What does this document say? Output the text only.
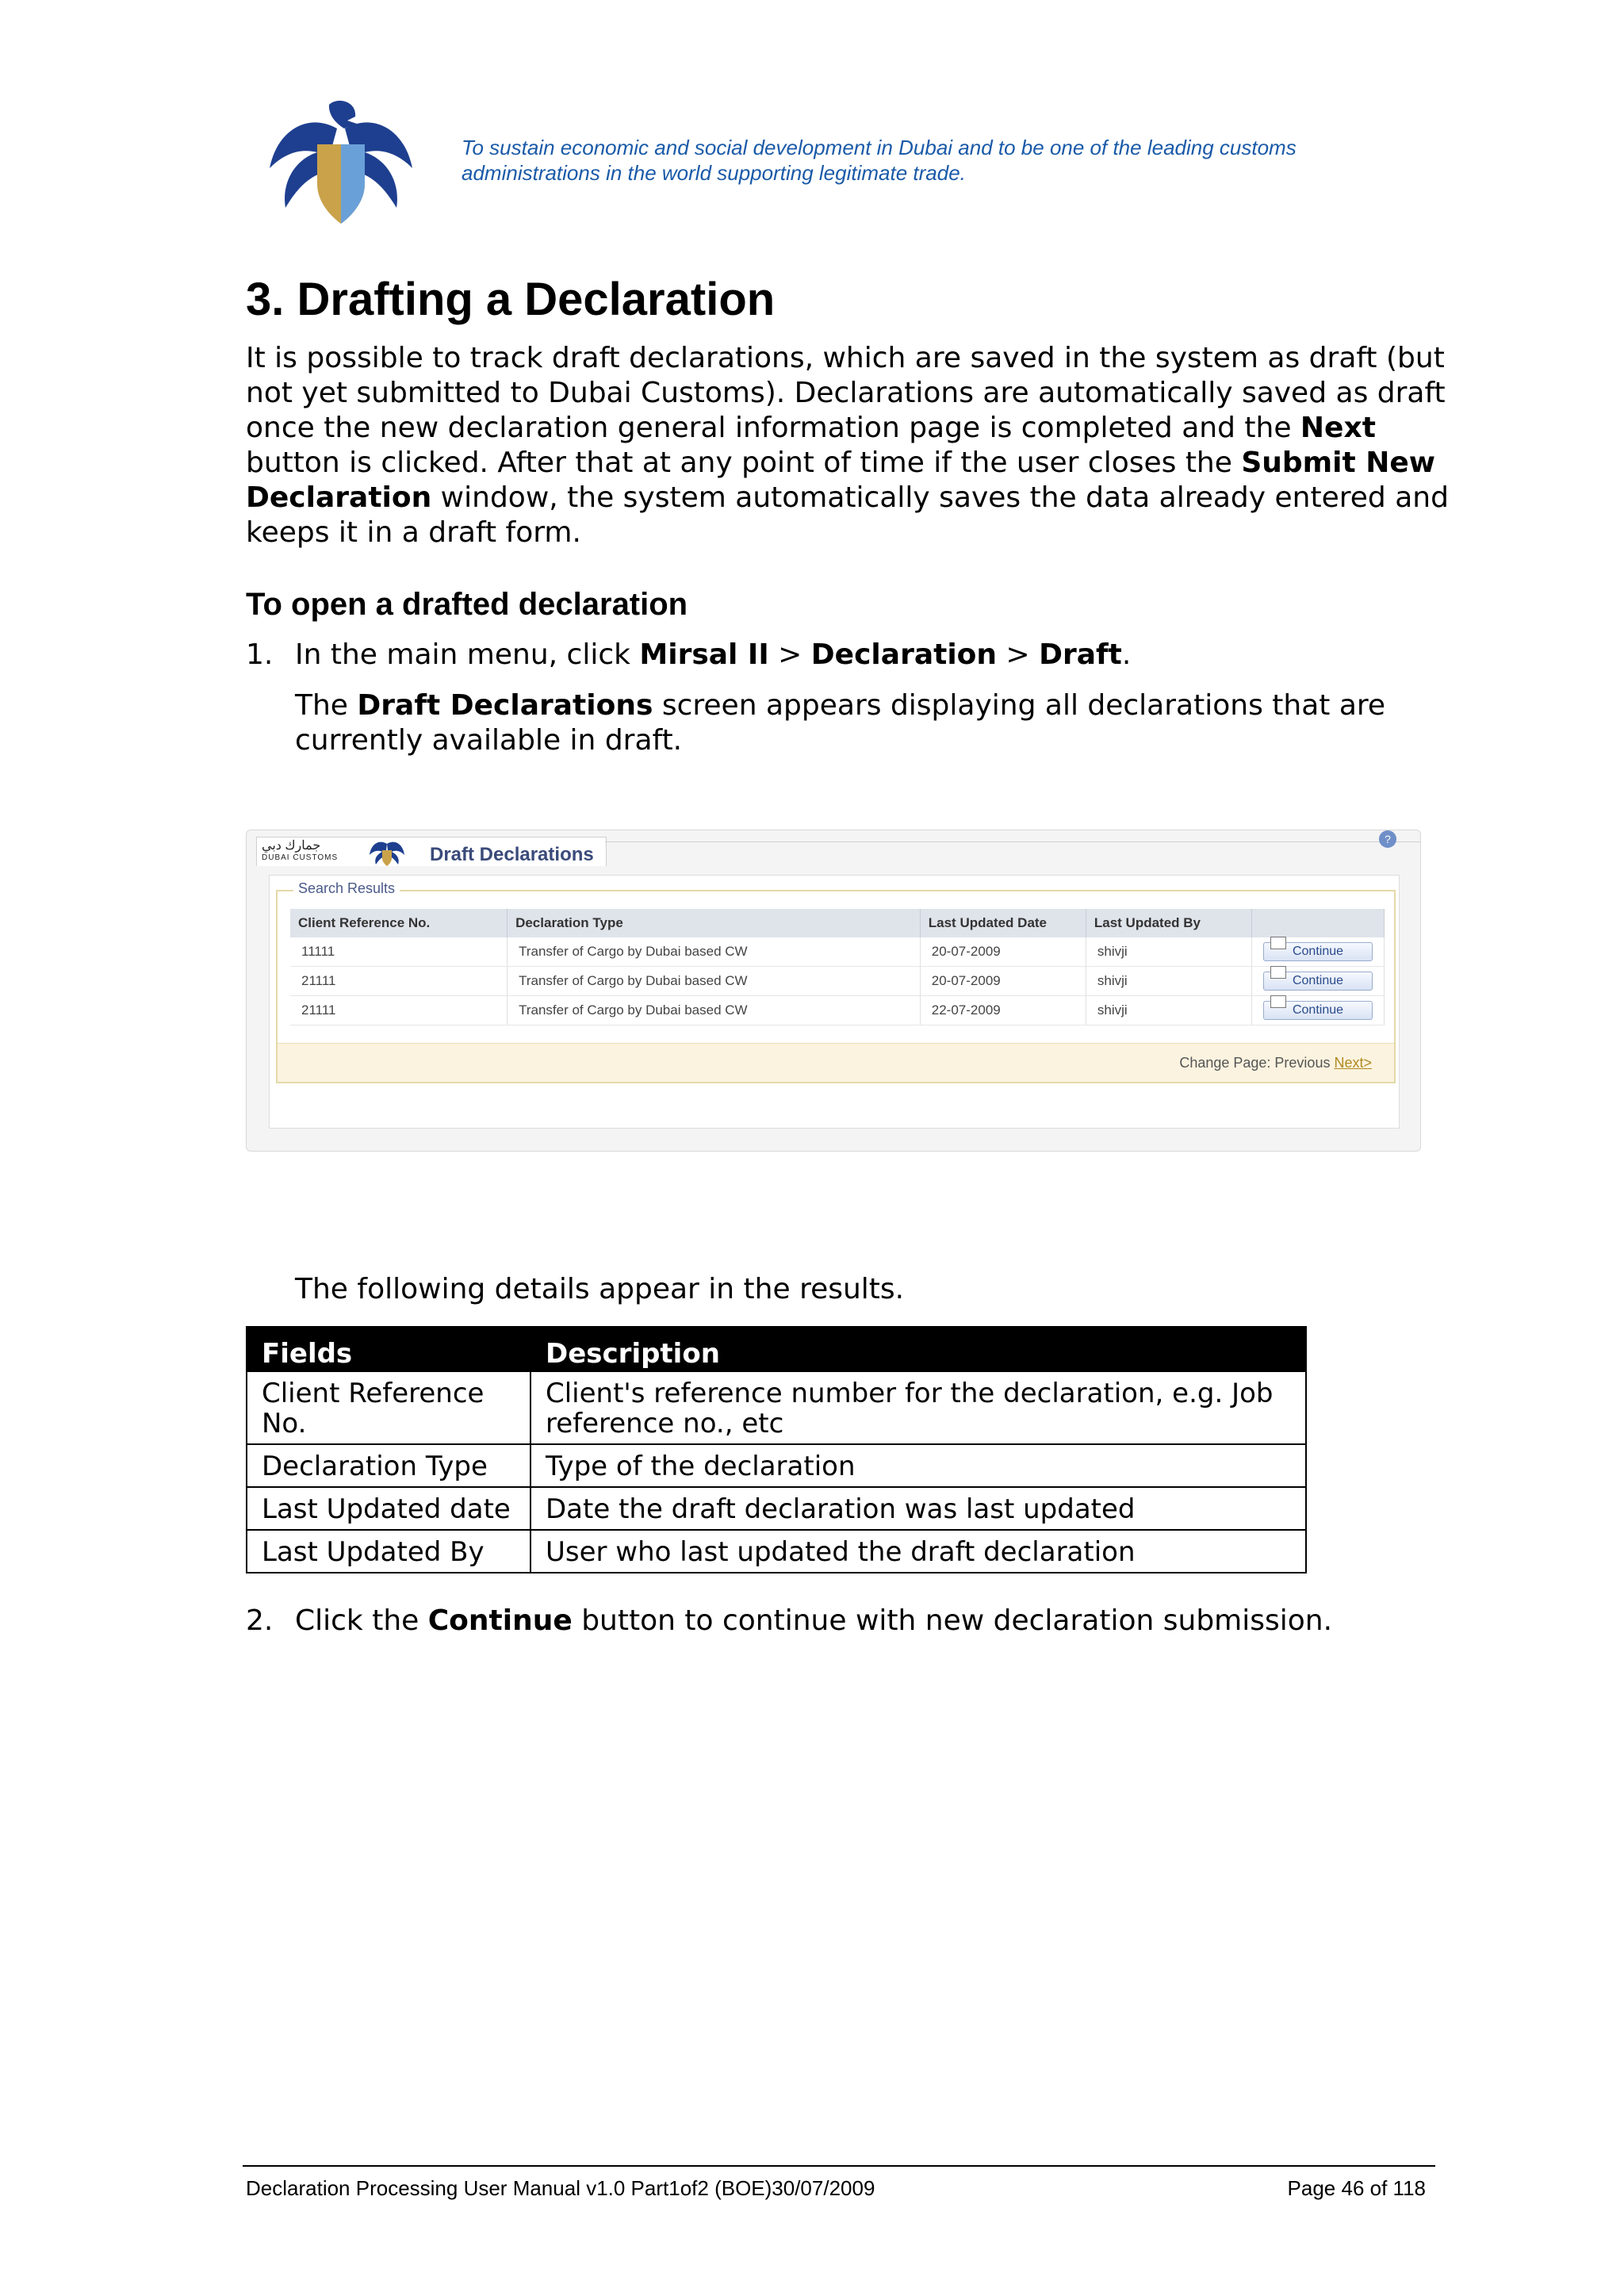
To sustain economic and social development in Dubai and to be one of the leading customs administrations in the world supporting legitimate trade.
3. Drafting a Declaration

It is possible to track draft declarations, which are saved in the system as draft (but not yet submitted to Dubai Customs). Declarations are automatically saved as draft once the new declaration general information page is completed and the Next button is clicked. After that at any point of time if the user closes the Submit New Declaration window, the system automatically saves the data already entered and keeps it in a draft form.

To open a drafted declaration
1. In the main menu, click Mirsal II > Declaration > Draft.

The Draft Declarations screen appears displaying all declarations that are currently available in draft.

جمارك دبي
DUBAI CUSTOMS	Draft Declarations
?
Search Results
Client Reference No.	Declaration Type	Last Updated Date	Last Updated By	
11111	Transfer of Cargo by Dubai based CW	20-07-2009	shivji	Continue
21111	Transfer of Cargo by Dubai based CW	20-07-2009	shivji	Continue
21111	Transfer of Cargo by Dubai based CW	22-07-2009	shivji	Continue
Change Page: Previous Next>

The following details appear in the results.

Fields	Description
Client Reference No.	Client's reference number for the declaration, e.g. Job reference no., etc
Declaration Type	Type of the declaration
Last Updated date	Date the draft declaration was last updated
Last Updated By	User who last updated the draft declaration
2. Click the Continue button to continue with new declaration submission.
Declaration Processing User Manual v1.0 Part1of2 (BOE)30/07/2009	Page 46 of 118
